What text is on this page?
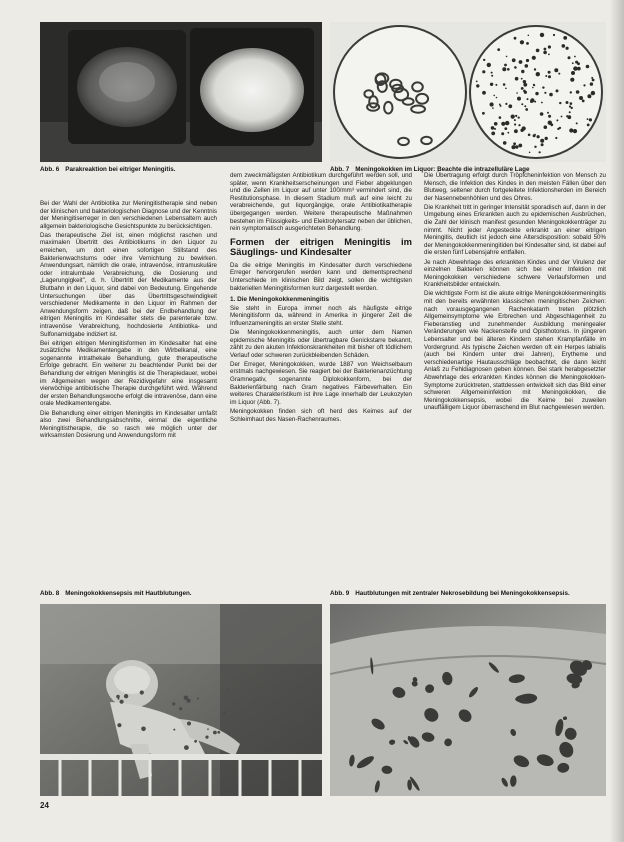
Abb. 6 Parakreaktion bei eitriger Meningitis.	Abb. 7 Meningokokken im Liquor: Beachte die intrazelluläre Lage

Bei der Wahl der Antibiotika zur Meningitistherapie sind neben der klinischen und bakteriologischen Diagnose und der Kenntnis der Meningitiserreger in den verschiedenen Lebensaltern auch allgemein bakteriologische Gesichtspunkte zu berücksichtigen.

Das therapeutische Ziel ist, einen möglichst raschen und maximalen Übertritt des Antibiotikums in den Liquor zu erreichen, um dort einen sofortigen Stillstand des Bakterienwachstums oder ihre Vernichtung zu bewirken. Anwendungsart, nämlich die orale, intravenöse, intramuskuläre oder intralumbale Verabreichung, die Dosierung und „Lagerungigkeit", d. h. Übertritt der Medikamente aus der Blutbahn in den Liquor, sind dabei von Bedeutung. Eingehende Untersuchungen über das Übertrittsgeschwindigkeit verschiedener Medikamente in den Liquor im Rahmen der Anwendungsform zeigen, daß bei der Endbehandlung der eitrigen Meningitis im Kindesalter stets die parenterale bzw. intravenöse Verabreichung, hochdosierte Antibiotika- und Sulfonamidgabe indiziert ist.

Bei eitrigen eitrigen Meningitisformen im Kindesalter hat eine zusätzliche Medikamentengabe in den Wirbelkanal, eine sogenannte intrathekale Behandlung, gute therapeutische Erfolge gebracht. Ein weiterer zu beachtender Punkt bei der Behandlung der eitrigen Meningitis ist die Therapiedauer, wobei im Allgemeinen wegen der Rezidivgefahr eine insgesamt vierwöchige antibiotische Therapie durchgeführt wird. Während der ersten Behandlungswoche erfolgt die intravenöse, dann eine orale Medikamentengabe.

Die Behandlung einer eitrigen Meningitis im Kindesalter umfaßt also zwei Behandlungsabschnitte, einmal die eigentliche Meningitistherapie, die so rasch wie möglich unter der wirksamsten Dosierung und Anwendungsform mit

dem zweckmäßigsten Antibiotikum durchgeführt werden soll, und später, wenn Krankheitserscheinungen und Fieber abgeklungen und die Zellen im Liquor auf unter 100/mm³ vermindert sind, die Restitutionsphase. In diesem Stadium muß auf eine leicht zu verabreichende, gut liquorgängige, orale Antibiotikatherapie übergegangen werden. Weitere therapeutische Maßnahmen bestehen im Flüssigkeits- und Elektrolytersatz neben der üblichen, rein symptomatisch ausgerichteten Behandlung.

Formen der eitrigen Meningitis im Säuglings- und Kindesalter

Da die eitrige Meningitis im Kindesalter durch verschiedene Erreger hervorgerufen werden kann und dementsprechend Unterschiede im klinischen Bild zeigt, sollen die wichtigsten bakteriellen Meningitisformen kurz dargestellt werden.

1. Die Meningokokkenmeningitis

Sie steht in Europa immer noch als häufigste eitrige Meningitisform da, während in Amerika in jüngerer Zeit die Influenzameningitis an erster Stelle steht.

Die Meningokokkenmeningitis, auch unter dem Namen epidemische Meningitis oder übertragbare Genickstarre bekannt, zählt zu den akuten Infektionskrankheiten mit bisher oft tödlichem Verlauf oder schweren zurückbleibenden Schäden.

Der Erreger, Meningokokken, wurde 1887 von Weichselbaum erstmals nachgewiesen. Sie reagiert bei der Bakterienanzüchtung Gramnegativ, sogenannte Diplokokkenform, bei der Bakterienfärbung nach Gram negatives Färbeverhalten. Ein weiteres Charakteristikum ist ihre Lage innerhalb der Leukozyten im Liquor (Abb. 7).

Meningokokken finden sich oft herd des Keimes auf der Schleimhaut des Nasen-Rachenraumes.

Die Übertragung erfolgt durch Tröpfcheninfektion von Mensch zu Mensch, die Infektion des Kindes in den meisten Fällen über den Blutweg, seltener durch fortgeleitete Infektionsherden im Bereich der Nasennebenhöhlen und des Ohres.

Die Krankheit tritt in geringer Intensität sporadisch auf, dann in der Umgebung eines Erkrankten auch zu epidemischen Ausbrüchen, die Zahl der klinisch manifest gesunden Meningokokkenträger zu nimmt. Nicht jeder Angesteckte erkrankt an einer eitrigen Meningitis, deutlich ist jedoch eine Altersdisposition: sobald 50% der Meningokokkenmeningitiden bei Kindesalter sind, ist dabei auf die ersten fünf Lebensjahre entfallen.

Je nach Abwehrlage des erkrankten Kindes und der Virulenz der einzelnen Bakterien können sich bei einer Infektion mit Meningokokken verschiedene schwere Verlaufsformen und Krankheitsbilder entwickeln.

Die wichtigste Form ist die akute eitrige Meningokokkenmeningitis mit den bereits erwähnten klassischen meningitischen Zeichen: nach vorausgegangenen Rachenkatarrh treten plötzlich Allgemeinsymptome wie Erbrechen und Abgeschlagenheit zu Fieberanstieg und zunehmender Ausbildung meningealer Veränderungen wie Nackensteife und Opisthotonus. In jüngeren Lebensalter und bei älteren Kindern stehen Krampfanfälle im Vordergrund. Als typische Zeichen werden oft ein Herpes labialis (auch bei Kindern unter drei Jahren), Erytheme und verschiedenartige Hautausschläge beobachtet, die dann leicht Anlaß zu Fehldiagnosen geben können. Bei stark herabgesetzter Abwehrlage des erkrankten Kindes können die Meningokokken-Symptome zurücktreten, stattdessen entwickelt sich das Bild einer schweren Allgemeininfektion mit Meningokokken, die Meningokokkensepsis, wobei die Keime bei zuweilen unauffälligem Liquor überraschend im Blut nachgewiesen werden.

Abb. 8 Meningokokkensepsis mit Hautblutungen.	Abb. 9 Hautblutungen mit zentraler Nekrosebildung bei Meningokokkensepsis.
24
